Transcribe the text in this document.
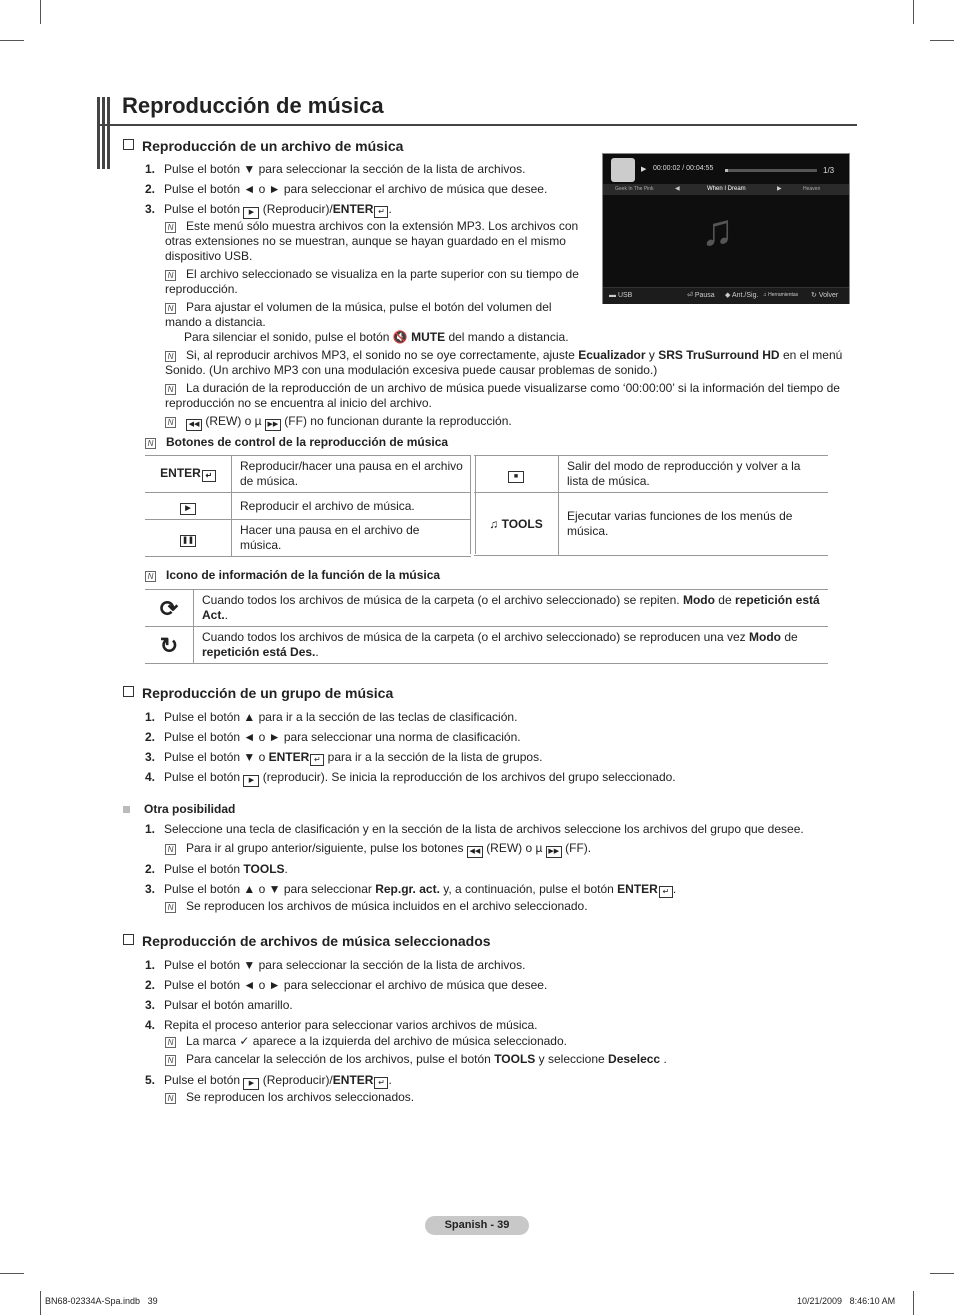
Reproducción de música
Reproducción de un archivo de música
1. Pulse el botón ▼ para seleccionar la sección de la lista de archivos.
2. Pulse el botón ◄ o ► para seleccionar el archivo de música que desee.
3. Pulse el botón ▶ (Reproducir)/ENTER ↵ .
N Este menú sólo muestra archivos con la extensión MP3. Los archivos con otras extensiones no se muestran, aunque se hayan guardado en el mismo dispositivo USB.
N El archivo seleccionado se visualiza en la parte superior con su tiempo de reproducción.
N Para ajustar el volumen de la música, pulse el botón del volumen del mando a distancia.
Para silenciar el sonido, pulse el botón 🔇 MUTE del mando a distancia.
N Si, al reproducir archivos MP3, el sonido no se oye correctamente, ajuste Ecualizador y SRS TruSurround HD en el menú Sonido. (Un archivo MP3 con una modulación excesiva puede causar problemas de sonido.)
N La duración de la reproducción de un archivo de música puede visualizarse como ‘00:00:00’ si la información del tiempo de reproducción no se encuentra al inicio del archivo.
N ◀◀ (REW) o µ ▶▶ (FF) no funcionan durante la reproducción.
▶ 00:00:02 / 00:04:55	1/3
Geek In The Pink	◀	When I Dream	▶	Heaven
♫
▬ USB	⏎ Pausa ◆ Ant./Sig. ♫ Herramientas ↻ Volver
N Botones de control de la reproducción de música
ENTER ↵	Reproducir/hacer una pausa en el archivo de música.
▶	Reproducir el archivo de música.
❚❚	Hacer una pausa en el archivo de música.
■	Salir del modo de reproducción y volver a la lista de música.
♫ TOOLS	Ejecutar varias funciones de los menús de música.
N Icono de información de la función de la música
⟳	Cuando todos los archivos de música de la carpeta (o el archivo seleccionado) se repiten. Modo de repetición está Act..
↻	Cuando todos los archivos de música de la carpeta (o el archivo seleccionado) se reproducen una vez Modo de repetición está Des..
Reproducción de un grupo de música
1. Pulse el botón ▲ para ir a la sección de las teclas de clasificación.
2. Pulse el botón ◄ o ► para seleccionar una norma de clasificación.
3. Pulse el botón ▼ o ENTER ↵ para ir a la sección de la lista de grupos.
4. Pulse el botón ▶ (reproducir). Se inicia la reproducción de los archivos del grupo seleccionado.
Otra posibilidad
1. Seleccione una tecla de clasificación y en la sección de la lista de archivos seleccione los archivos del grupo que desee.
N Para ir al grupo anterior/siguiente, pulse los botones ◀◀ (REW) o µ ▶▶ (FF).
2. Pulse el botón TOOLS.
3. Pulse el botón ▲ o ▼ para seleccionar Rep.gr. act. y, a continuación, pulse el botón ENTER ↵ .
N Se reproducen los archivos de música incluidos en el archivo seleccionado.
Reproducción de archivos de música seleccionados
1. Pulse el botón ▼ para seleccionar la sección de la lista de archivos.
2. Pulse el botón ◄ o ► para seleccionar el archivo de música que desee.
3. Pulsar el botón amarillo.
4. Repita el proceso anterior para seleccionar varios archivos de música.
N La marca ✓ aparece a la izquierda del archivo de música seleccionado.
N Para cancelar la selección de los archivos, pulse el botón TOOLS y seleccione Deselecc .
5. Pulse el botón ▶ (Reproducir)/ENTER ↵ .
N Se reproducen los archivos seleccionados.
Spanish - 39
BN68-02334A-Spa.indb 39	10/21/2009 8:46:10 AM
